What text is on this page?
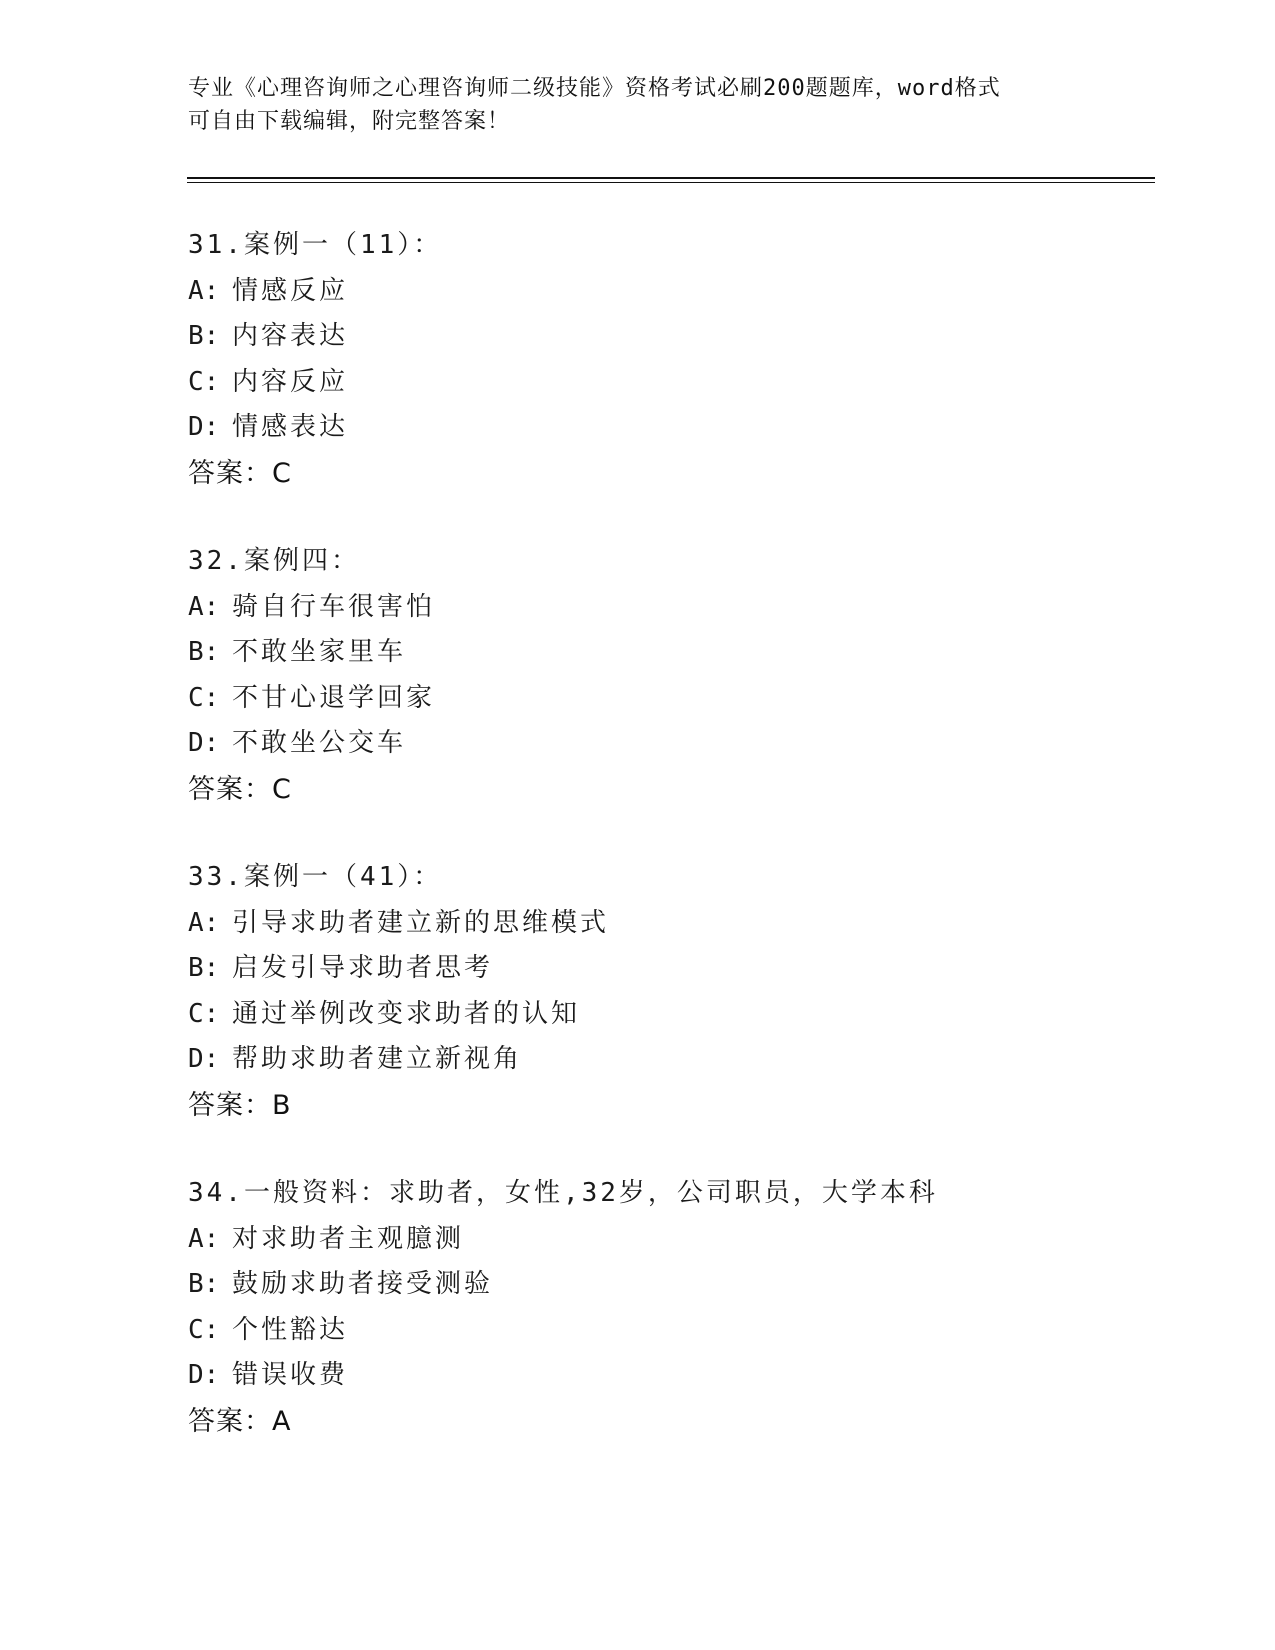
专业《心理咨询师之心理咨询师二级技能》资格考试必刷200题题库，word格式
可自由下载编辑，附完整答案！
31.案例一（11）：
A: 情感反应
B: 内容表达
C: 内容反应
D: 情感表达
答案：C
32.案例四：
A: 骑自行车很害怕
B: 不敢坐家里车
C: 不甘心退学回家
D: 不敢坐公交车
答案：C
33.案例一（41）：
A: 引导求助者建立新的思维模式
B: 启发引导求助者思考
C: 通过举例改变求助者的认知
D: 帮助求助者建立新视角
答案：B
34.一般资料：求助者，女性,32岁，公司职员，大学本科
A: 对求助者主观臆测
B: 鼓励求助者接受测验
C: 个性豁达
D: 错误收费
答案：A
